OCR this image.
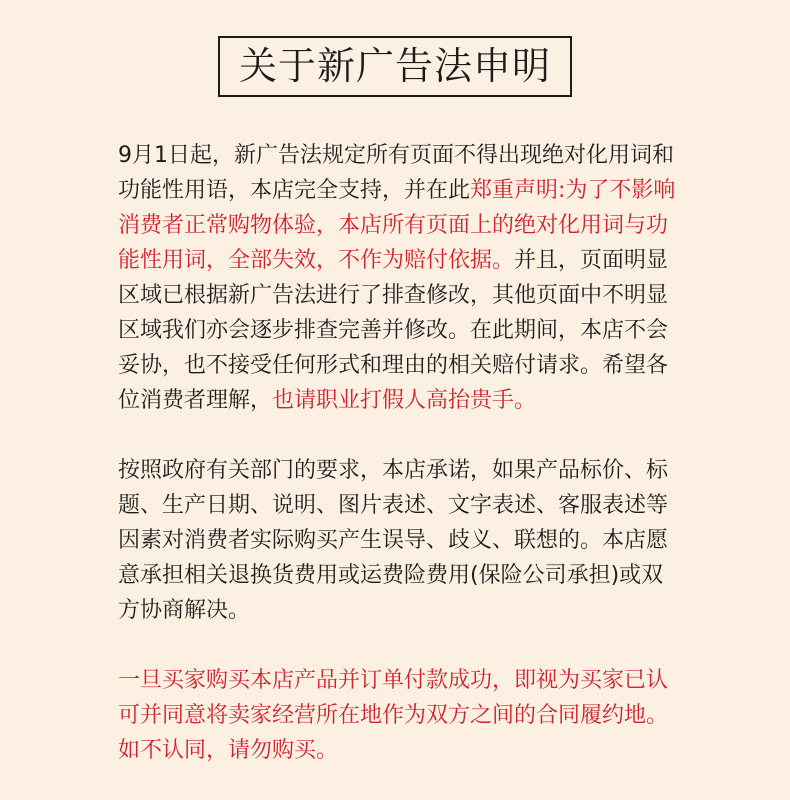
关于新广告法申明
9月1日起，新广告法规定所有页面不得出现绝对化用词和
功能性用语，本店完全支持，并在此郑重声明:为了不影响
消费者正常购物体验，本店所有页面上的绝对化用词与功
能性用词，全部失效，不作为赔付依据。并且，页面明显
区域已根据新广告法进行了排查修改，其他页面中不明显
区域我们亦会逐步排查完善并修改。在此期间，本店不会
妥协，也不接受任何形式和理由的相关赔付请求。希望各
位消费者理解，也请职业打假人高抬贵手。
按照政府有关部门的要求，本店承诺，如果产品标价、标
题、生产日期、说明、图片表述、文字表述、客服表述等
因素对消费者实际购买产生误导、歧义、联想的。本店愿
意承担相关退换货费用或运费险费用(保险公司承担)或双
方协商解决。
一旦买家购买本店产品并订单付款成功，即视为买家已认
可并同意将卖家经营所在地作为双方之间的合同履约地。
如不认同，请勿购买。
